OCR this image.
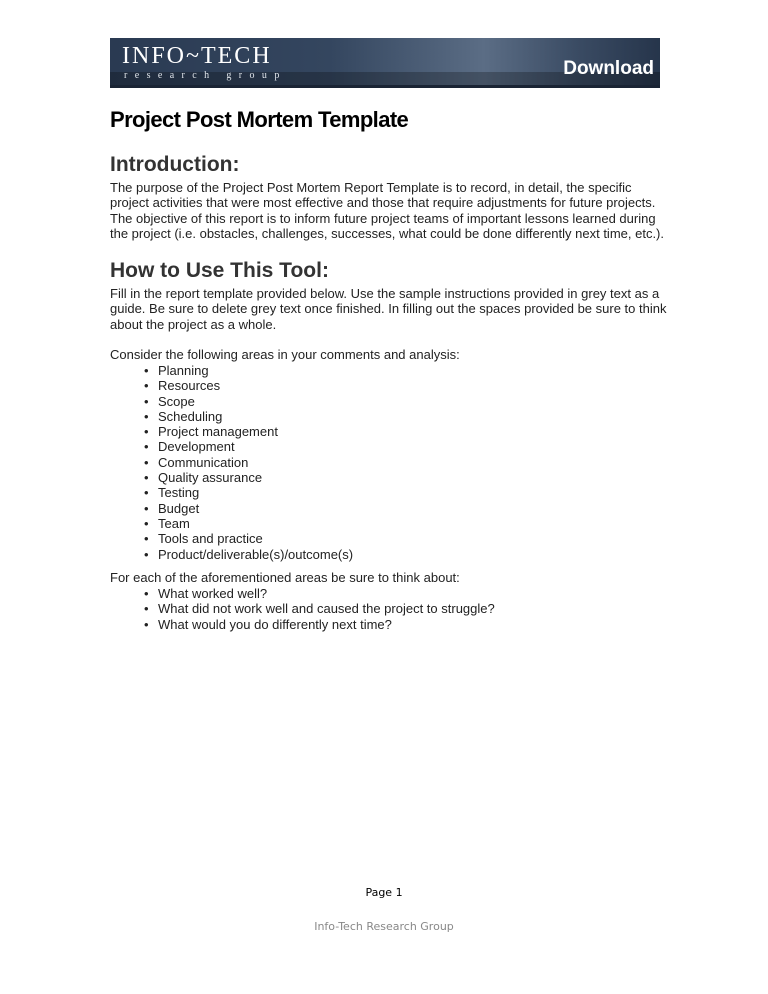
INFO~TECH
research group	Download
Project Post Mortem Template
Introduction:

The purpose of the Project Post Mortem Report Template is to record, in detail, the specific project activities that were most effective and those that require adjustments for future projects. The objective of this report is to inform future project teams of important lessons learned during the project (i.e. obstacles, challenges, successes, what could be done differently next time, etc.).

How to Use This Tool:

Fill in the report template provided below. Use the sample instructions provided in grey text as a guide. Be sure to delete grey text once finished. In filling out the spaces provided be sure to think about the project as a whole.

Consider the following areas in your comments and analysis:

• Planning
• Resources
• Scope
• Scheduling
• Project management
• Development
• Communication
• Quality assurance
• Testing
• Budget
• Team
• Tools and practice
• Product/deliverable(s)/outcome(s)

For each of the aforementioned areas be sure to think about:

• What worked well?
• What did not work well and caused the project to struggle?
• What would you do differently next time?
Page 1
Info-Tech Research Group
